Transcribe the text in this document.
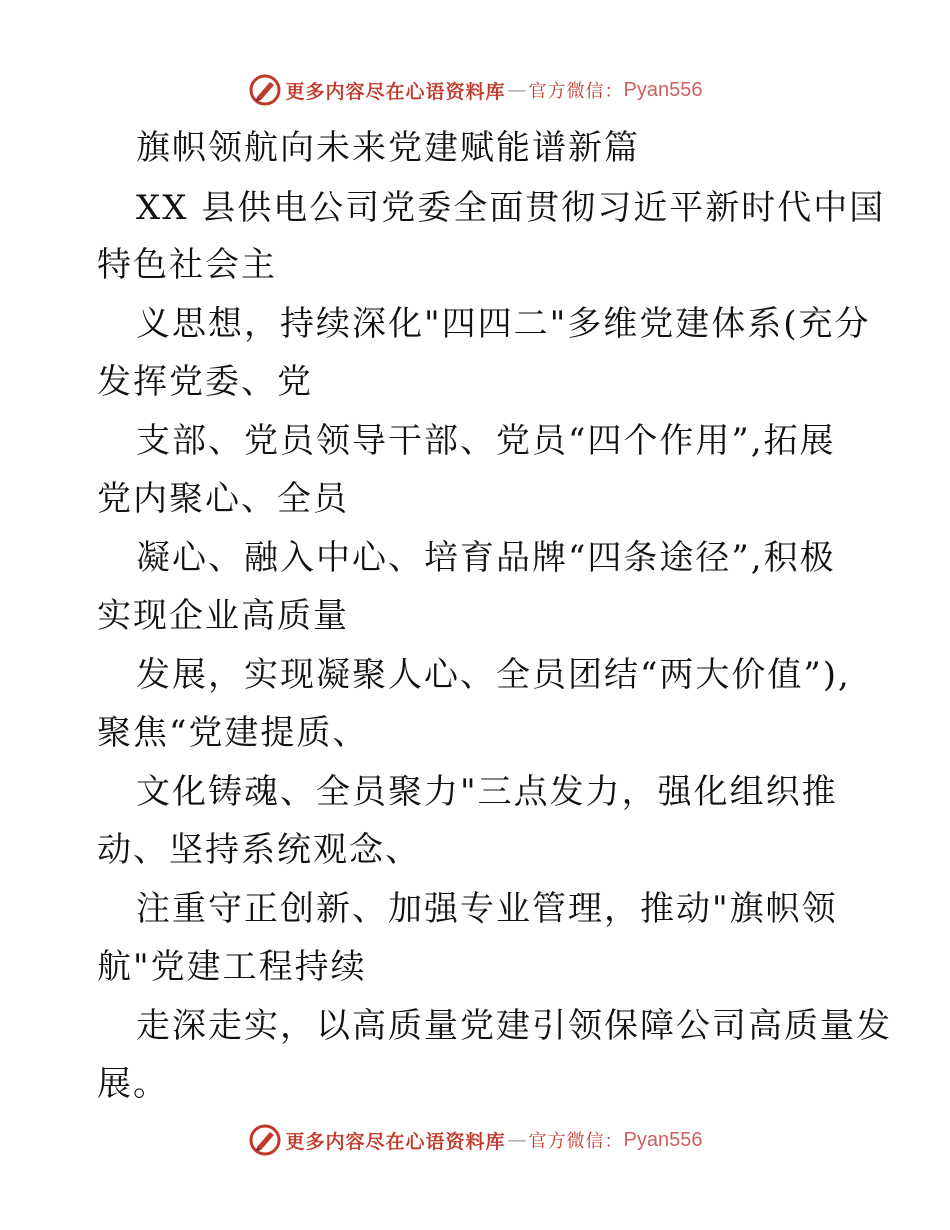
更多内容尽在心语资料库 — 官方微信： Pyan556
旗帜领航向未来党建赋能谱新篇
XX 县供电公司党委全面贯彻习近平新时代中国
特色社会主
义思想，持续深化"四四二"多维党建体系(充分
发挥党委、党
支部、党员领导干部、党员“四个作用”,拓展
党内聚心、全员
凝心、融入中心、培育品牌“四条途径”,积极
实现企业高质量
发展，实现凝聚人心、全员团结“两大价值”),
聚焦“党建提质、
文化铸魂、全员聚力"三点发力，强化组织推
动、坚持系统观念、
注重守正创新、加强专业管理，推动"旗帜领
航"党建工程持续
走深走实，以高质量党建引领保障公司高质量发
展。
更多内容尽在心语资料库 — 官方微信： Pyan556
